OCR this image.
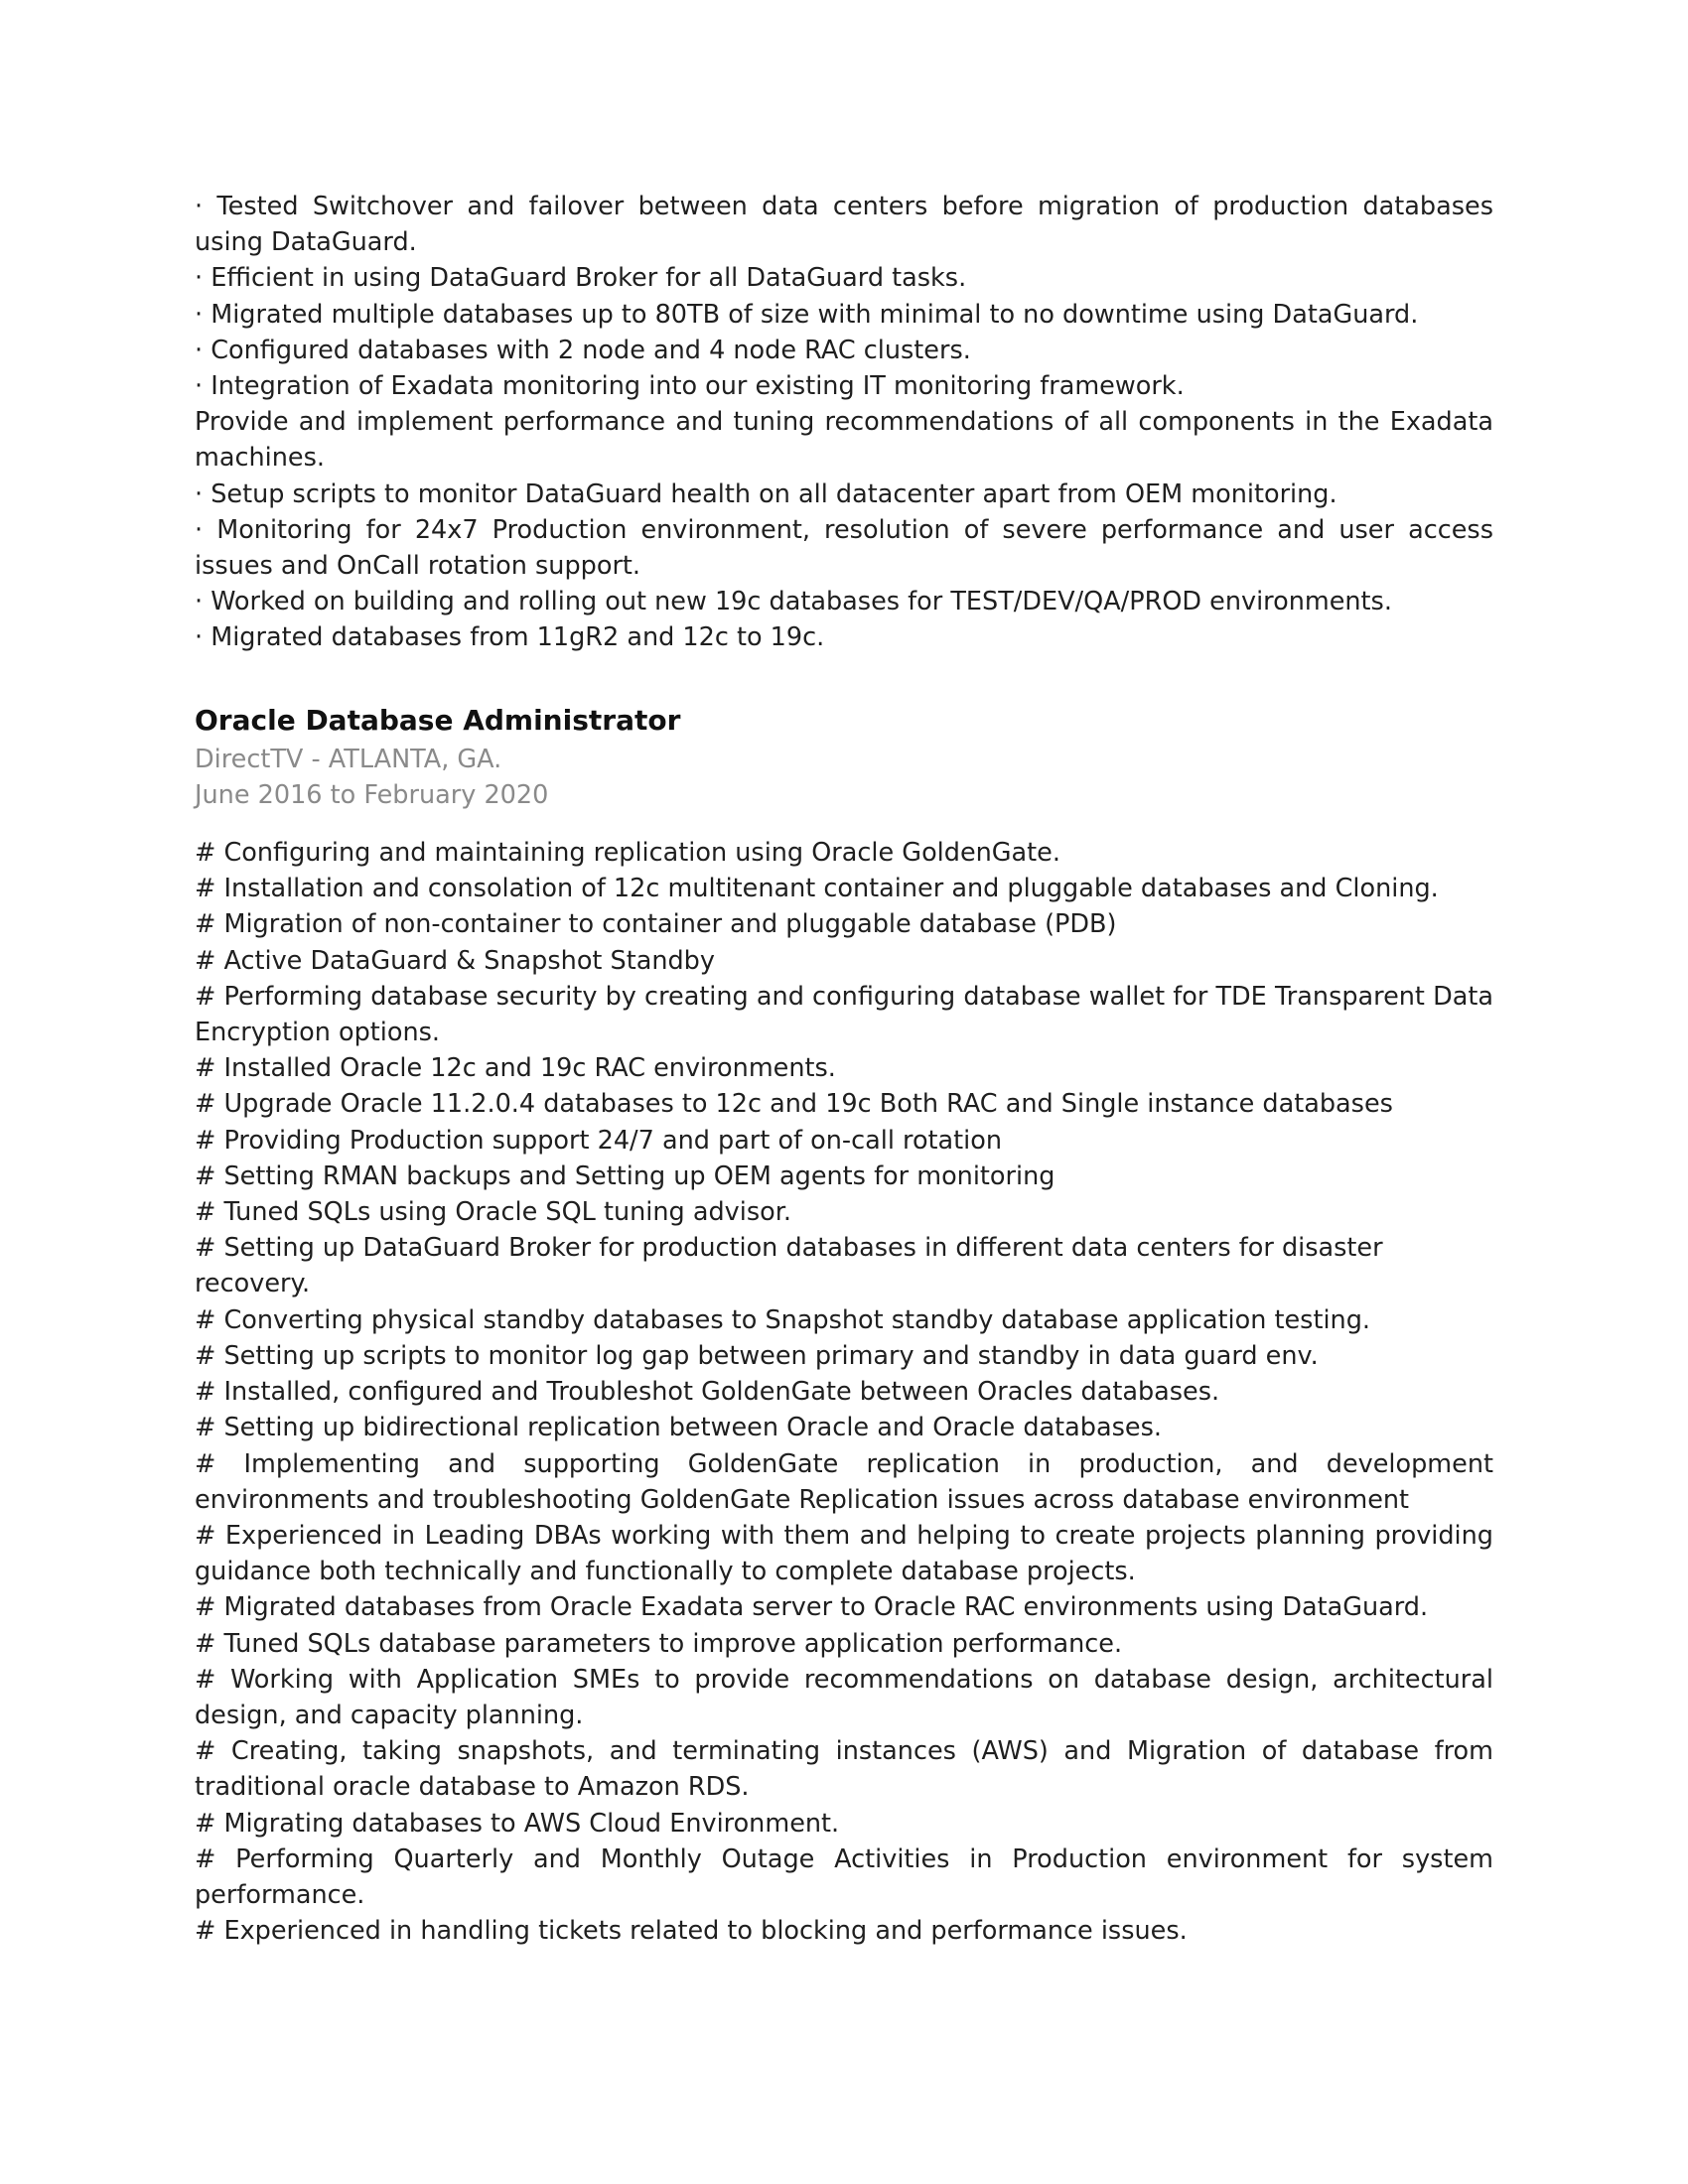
· Tested Switchover and failover between data centers before migration of production databases using DataGuard.

· Efficient in using DataGuard Broker for all DataGuard tasks.

· Migrated multiple databases up to 80TB of size with minimal to no downtime using DataGuard.

· Configured databases with 2 node and 4 node RAC clusters.

· Integration of Exadata monitoring into our existing IT monitoring framework.

Provide and implement performance and tuning recommendations of all components in the Exadata machines.

· Setup scripts to monitor DataGuard health on all datacenter apart from OEM monitoring.

· Monitoring for 24x7 Production environment, resolution of severe performance and user access issues and OnCall rotation support.

· Worked on building and rolling out new 19c databases for TEST/DEV/QA/PROD environments.

· Migrated databases from 11gR2 and 12c to 19c.

Oracle Database Administrator
DirectTV - ATLANTA, GA.
June 2016 to February 2020

# Configuring and maintaining replication using Oracle GoldenGate.

# Installation and consolation of 12c multitenant container and pluggable databases and Cloning.

# Migration of non-container to container and pluggable database (PDB)

# Active DataGuard & Snapshot Standby

# Performing database security by creating and configuring database wallet for TDE Transparent Data Encryption options.

# Installed Oracle 12c and 19c RAC environments.

# Upgrade Oracle 11.2.0.4 databases to 12c and 19c Both RAC and Single instance databases

# Providing Production support 24/7 and part of on-call rotation

# Setting RMAN backups and Setting up OEM agents for monitoring

# Tuned SQLs using Oracle SQL tuning advisor.

# Setting up DataGuard Broker for production databases in different data centers for disaster recovery.

# Converting physical standby databases to Snapshot standby database application testing.

# Setting up scripts to monitor log gap between primary and standby in data guard env.

# Installed, configured and Troubleshot GoldenGate between Oracles databases.

# Setting up bidirectional replication between Oracle and Oracle databases.

# Implementing and supporting GoldenGate replication in production, and development environments and troubleshooting GoldenGate Replication issues across database environment

# Experienced in Leading DBAs working with them and helping to create projects planning providing guidance both technically and functionally to complete database projects.

# Migrated databases from Oracle Exadata server to Oracle RAC environments using DataGuard.

# Tuned SQLs database parameters to improve application performance.

# Working with Application SMEs to provide recommendations on database design, architectural design, and capacity planning.

# Creating, taking snapshots, and terminating instances (AWS) and Migration of database from traditional oracle database to Amazon RDS.

# Migrating databases to AWS Cloud Environment.

# Performing Quarterly and Monthly Outage Activities in Production environment for system performance.

# Experienced in handling tickets related to blocking and performance issues.
